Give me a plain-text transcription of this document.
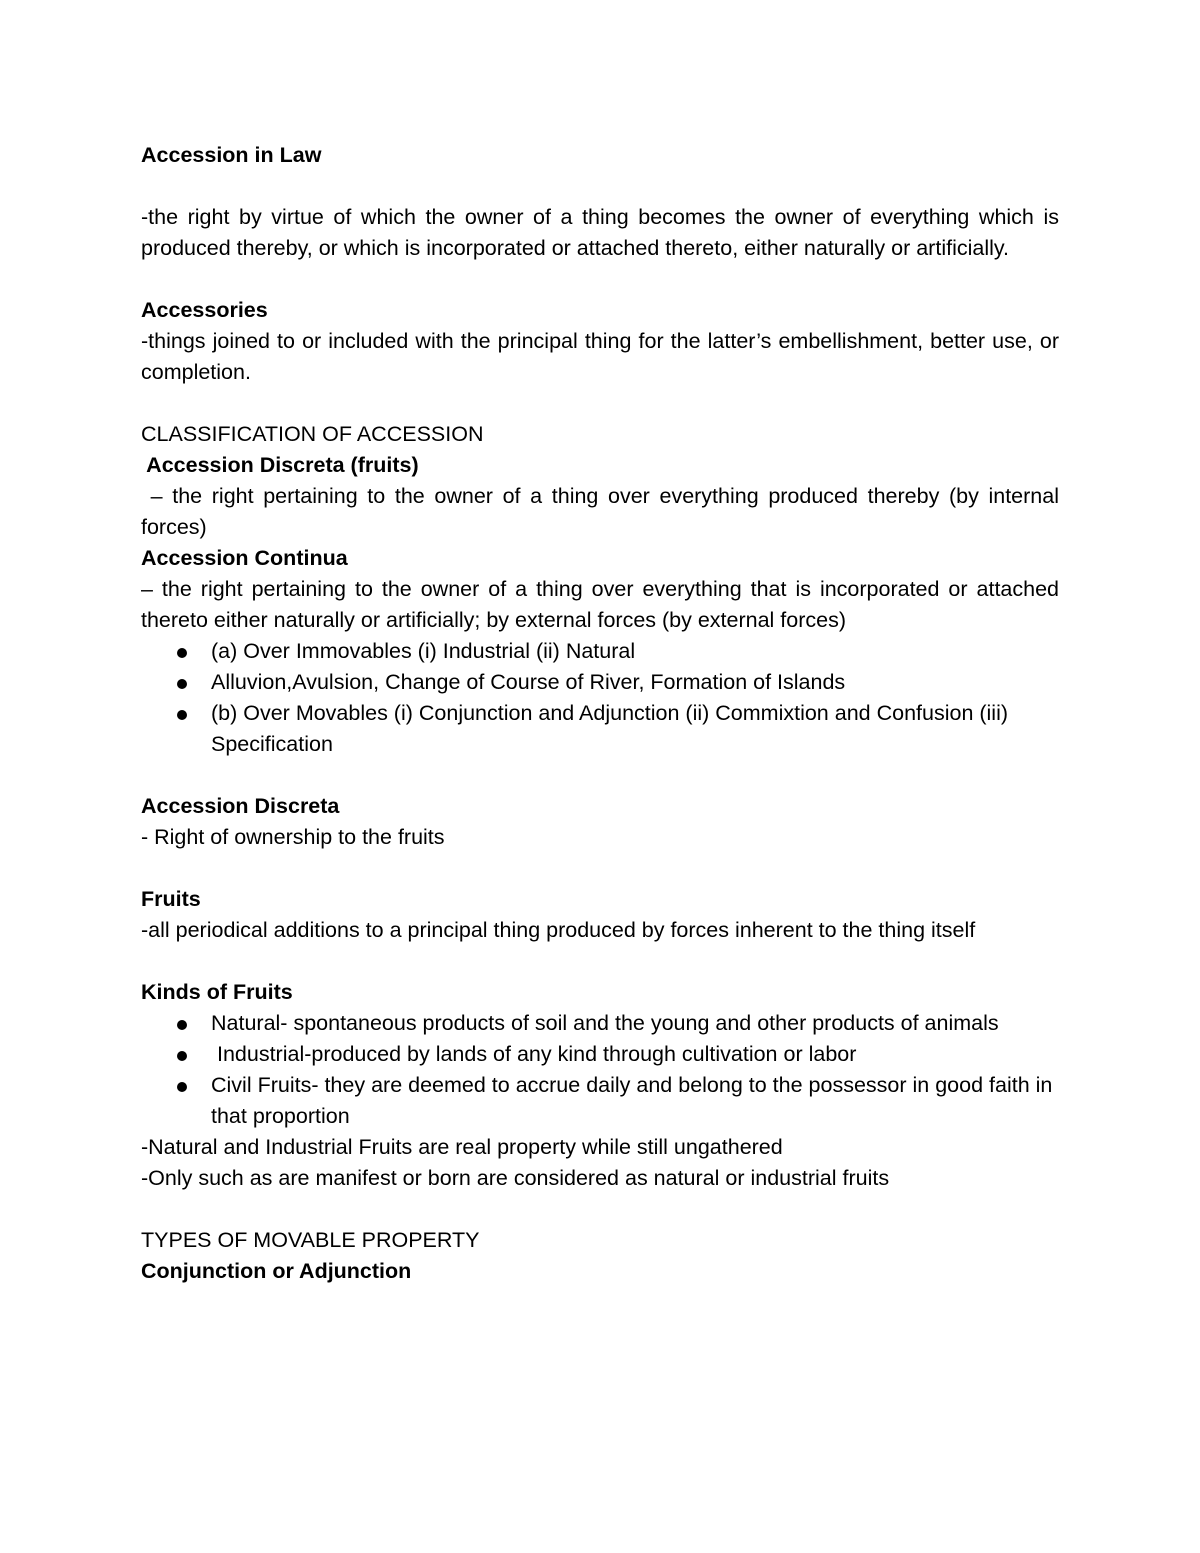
Accession in Law
-the right by virtue of which the owner of a thing becomes the owner of everything which is produced thereby, or which is incorporated or attached thereto, either naturally or artificially.
Accessories
-things joined to or included with the principal thing for the latter’s embellishment, better use, or completion.
CLASSIFICATION OF ACCESSION
Accession Discreta (fruits)
– the right pertaining to the owner of a thing over everything produced thereby (by internal forces)
Accession Continua
– the right pertaining to the owner of a thing over everything that is incorporated or attached thereto either naturally or artificially; by external forces (by external forces)
(a) Over Immovables (i) Industrial (ii) Natural
Alluvion,Avulsion, Change of Course of River, Formation of Islands
(b) Over Movables (i) Conjunction and Adjunction (ii) Commixtion and Confusion (iii) Specification
Accession Discreta
- Right of ownership to the fruits
Fruits
-all periodical additions to a principal thing produced by forces inherent to the thing itself
Kinds of Fruits
Natural- spontaneous products of soil and the young and other products of animals
Industrial-produced by lands of any kind through cultivation or labor
Civil Fruits- they are deemed to accrue daily and belong to the possessor in good faith in that proportion
-Natural and Industrial Fruits are real property while still ungathered
-Only such as are manifest or born are considered as natural or industrial fruits
TYPES OF MOVABLE PROPERTY
Conjunction or Adjunction
